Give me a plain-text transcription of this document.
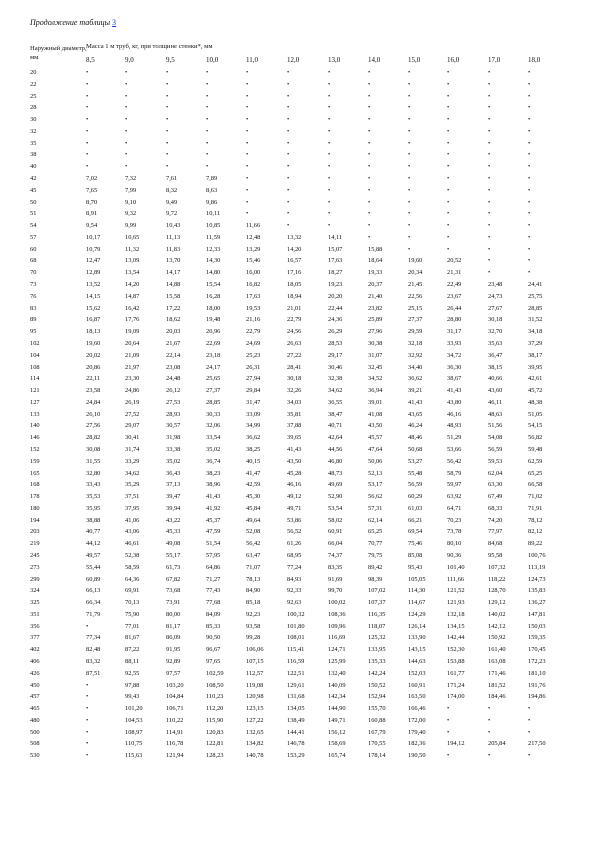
Продолжение таблицы 3
Наружный диаметр, мм
Масса 1 м труб, кг, при толщине стенки*, мм
8,5	9,0	9,5	10,0	11,0	12,0	13,0	14,0	15,0	16,0	17,0	18,0
20	•	•	•	•	•	•	•	•	•	•	•	•
22	•	•	•	•	•	•	•	•	•	•	•	•
25	•	•	•	•	•	•	•	•	•	•	•	•
28	•	•	•	•	•	•	•	•	•	•	•	•
30	•	•	•	•	•	•	•	•	•	•	•	•
32	•	•	•	•	•	•	•	•	•	•	•	•
35	•	•	•	•	•	•	•	•	•	•	•	•
38	•	•	•	•	•	•	•	•	•	•	•	•
40	•	•	•	•	•	•	•	•	•	•	•	•
42	7,02	7,32	7,61	7,89	•	•	•	•	•	•	•	•
45	7,65	7,99	8,32	8,63	•	•	•	•	•	•	•	•
50	8,70	9,10	9,49	9,86	•	•	•	•	•	•	•	•
51	8,91	9,32	9,72	10,11	•	•	•	•	•	•	•	•
54	9,54	9,99	10,43	10,85	11,66	•	•	•	•	•	•	•
57	10,17	10,65	11,13	11,59	12,48	13,32	14,11	•	•	•	•	•
60	10,79	11,32	11,83	12,33	13,29	14,20	15,07	15,88	•	•	•	•
68	12,47	13,09	13,70	14,30	15,46	16,57	17,63	18,64	19,60	20,52	•	•
70	12,89	13,54	14,17	14,80	16,00	17,16	18,27	19,33	20,34	21,31	•	•
73	13,52	14,20	14,88	15,54	16,82	18,05	19,23	20,37	21,45	22,49	23,48	24,41
76	14,15	14,87	15,58	16,28	17,63	18,94	20,20	21,40	22,56	23,67	24,73	25,75
83	15,62	16,42	17,22	18,00	19,53	21,01	22,44	23,82	25,15	26,44	27,67	28,85
89	16,87	17,76	18,62	19,48	21,16	22,79	24,36	25,89	27,37	28,80	30,18	31,52
95	18,13	19,09	20,03	20,96	22,79	24,56	26,29	27,96	29,59	31,17	32,70	34,18
102	19,60	20,64	21,67	22,69	24,69	26,63	28,53	30,38	32,18	33,93	35,63	37,29
104	20,02	21,09	22,14	23,18	25,23	27,22	29,17	31,07	32,92	34,72	36,47	38,17
108	20,86	21,97	23,08	24,17	26,31	28,41	30,46	32,45	34,40	36,30	38,15	39,95
114	22,11	23,30	24,48	25,65	27,94	30,18	32,38	34,52	36,62	38,67	40,66	42,61
121	23,58	24,86	26,12	27,37	29,84	32,26	34,62	36,94	39,21	41,43	43,60	45,72
127	24,84	26,19	27,53	28,85	31,47	34,03	36,55	39,01	41,43	43,80	46,11	48,38
133	26,10	27,52	28,93	30,33	33,09	35,81	38,47	41,08	43,65	46,16	48,63	51,05
140	27,56	29,07	30,57	32,06	34,99	37,88	40,71	43,50	46,24	48,93	51,56	54,15
146	28,82	30,41	31,98	33,54	36,62	39,65	42,64	45,57	48,46	51,29	54,08	56,82
152	30,08	31,74	33,38	35,02	38,25	41,43	44,56	47,64	50,68	53,66	56,59	59,48
159	31,55	33,29	35,02	36,74	40,15	43,50	46,80	50,06	53,27	56,42	59,53	62,59
165	32,80	34,62	36,43	38,23	41,47	45,28	48,73	52,13	55,48	58,79	62,04	65,25
168	33,43	35,29	37,13	38,96	42,59	46,16	49,69	53,17	56,59	59,97	63,30	66,58
178	35,53	37,51	39,47	41,43	45,30	49,12	52,90	56,62	60,29	63,92	67,49	71,02
180	35,95	37,95	39,94	41,92	45,84	49,71	53,54	57,31	61,03	64,71	68,33	71,91
194	38,88	41,06	43,22	45,37	49,64	53,86	58,02	62,14	66,21	70,23	74,20	78,12
203	40,77	43,06	45,33	47,59	52,08	56,52	60,91	65,25	69,54	73,78	77,97	82,12
219	44,12	46,61	49,08	51,54	56,42	61,26	66,04	70,77	75,46	80,10	84,68	89,22
245	49,57	52,38	55,17	57,95	63,47	68,95	74,37	79,75	85,08	90,36	95,58	100,76
273	55,44	58,59	61,73	64,86	71,07	77,24	83,35	89,42	95,43	101,40	107,32	113,19
299	60,89	64,36	67,82	71,27	78,13	84,93	91,69	98,39	105,05	111,66	118,22	124,73
324	66,13	69,91	73,68	77,43	84,90	92,33	99,70	107,02	114,30	121,52	128,70	135,83
325	66,34	70,13	73,91	77,68	85,18	92,63	100,02	107,37	114,67	121,93	129,12	136,27
351	71,79	75,90	80,00	84,09	92,23	100,32	108,36	116,35	124,29	132,18	140,02	147,81
356	•	77,01	81,17	85,33	93,58	101,80	109,96	118,07	126,14	134,15	142,12	150,03
377	77,34	81,67	86,09	90,50	99,28	108,01	116,69	125,32	133,90	142,44	150,92	159,35
402	82,48	87,22	91,95	96,67	106,06	115,41	124,71	133,95	143,15	152,30	161,40	170,45
406	83,32	88,11	92,89	97,65	107,15	116,59	125,99	135,33	144,63	153,88	163,08	172,23
426	87,51	92,55	97,57	102,59	112,57	122,51	132,40	142,24	152,03	161,77	171,46	181,10
450	•	97,88	103,20	108,50	119,08	129,61	140,09	150,52	160,91	171,24	181,52	191,76
457	•	99,43	104,84	110,23	120,98	131,68	142,34	152,94	163,50	174,00	184,46	194,86
465	•	101,20	106,71	112,20	123,15	134,05	144,90	155,70	166,46	•	•	•
480	•	104,53	110,22	115,90	127,22	138,49	149,71	160,88	172,00	•	•	•
500	•	108,97	114,91	120,83	132,65	144,41	156,12	167,79	179,40	•	•	•
508	•	110,75	116,78	122,81	134,82	146,78	158,69	170,55	182,36	194,12	205,84	217,50
530	•	115,63	121,94	128,23	140,78	153,29	165,74	178,14	190,50	•	•	•
